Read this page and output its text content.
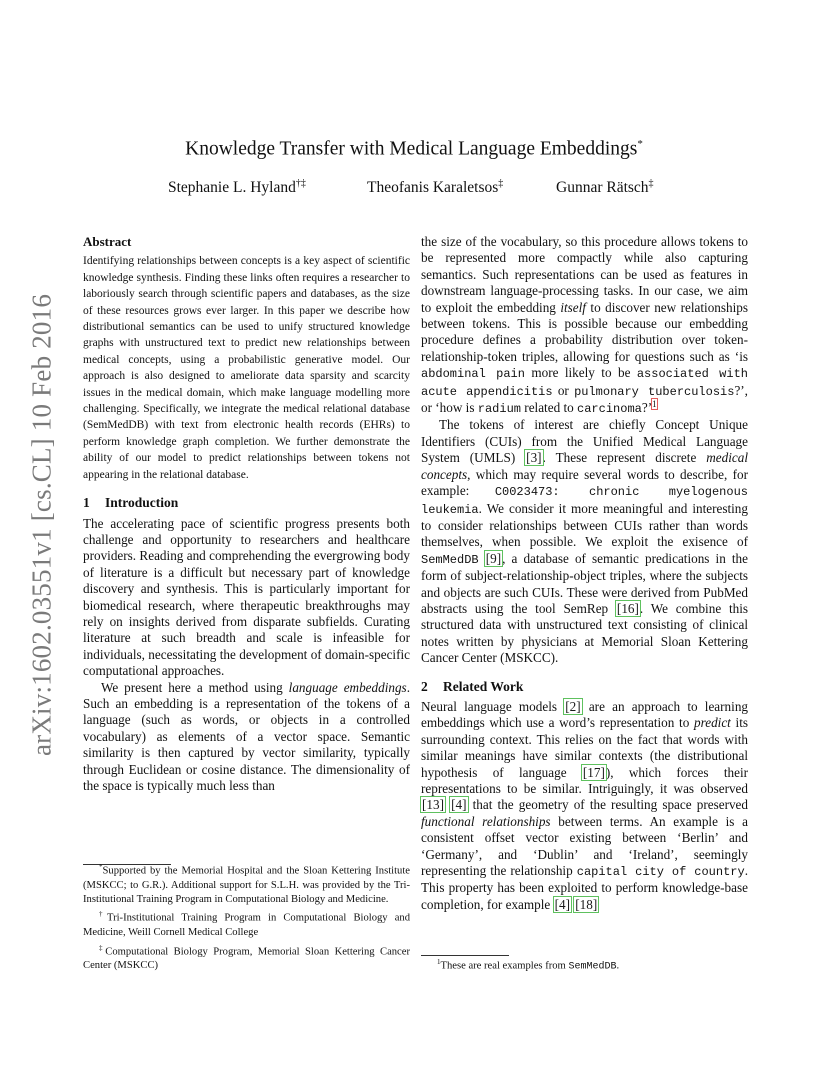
arXiv:1602.03551v1 [cs.CL] 10 Feb 2016
Knowledge Transfer with Medical Language Embeddings*
Stephanie L. Hyland†‡	Theofanis Karaletsos‡	Gunnar Rätsch‡
Abstract

Identifying relationships between concepts is a key aspect of scientific knowledge synthesis. Finding these links often requires a researcher to laboriously search through scientific papers and databases, as the size of these resources grows ever larger. In this paper we describe how distributional semantics can be used to unify structured knowledge graphs with unstructured text to predict new relationships between medical concepts, using a probabilistic generative model. Our approach is also designed to ameliorate data sparsity and scarcity issues in the medical domain, which make language modelling more challenging. Specifically, we integrate the medical relational database (SemMedDB) with text from electronic health records (EHRs) to perform knowledge graph completion. We further demonstrate the ability of our model to predict relationships between tokens not appearing in the relational database.

1 Introduction

The accelerating pace of scientific progress presents both challenge and opportunity to researchers and healthcare providers. Reading and comprehending the evergrowing body of literature is a difficult but necessary part of knowledge discovery and synthesis. This is particularly important for biomedical research, where therapeutic breakthroughs may rely on insights derived from disparate subfields. Curating literature at such breadth and scale is infeasible for individuals, necessitating the development of domain-specific computational approaches.

We present here a method using language embeddings. Such an embedding is a representation of the tokens of a language (such as words, or objects in a controlled vocabulary) as elements of a vector space. Semantic similarity is then captured by vector similarity, typically through Euclidean or cosine distance. The dimensionality of the space is typically much less than

the size of the vocabulary, so this procedure allows tokens to be represented more compactly while also capturing semantics. Such representations can be used as features in downstream language-processing tasks. In our case, we aim to exploit the embedding itself to discover new relationships between tokens. This is possible because our embedding procedure defines a probability distribution over token-relationship-token triples, allowing for questions such as ‘is abdominal pain more likely to be associated with acute appendicitis or pulmonary tuberculosis?’, or ‘how is radium related to carcinoma?’$^1$

The tokens of interest are chiefly Concept Unique Identifiers (CUIs) from the Unified Medical Language System (UMLS) [3]. These represent discrete medical concepts, which may require several words to describe, for example: C0023473: chronic myelogenous leukemia. We consider it more meaningful and interesting to consider relationships between CUIs rather than words themselves, when possible. We exploit the exisence of SemMedDB [9], a database of semantic predications in the form of subject-relationship-object triples, where the subjects and objects are such CUIs. These were derived from PubMed abstracts using the tool SemRep [16]. We combine this structured data with unstructured text consisting of clinical notes written by physicians at Memorial Sloan Kettering Cancer Center (MSKCC).

2 Related Work

Neural language models [2] are an approach to learning embeddings which use a word’s representation to predict its surrounding context. This relies on the fact that words with similar meanings have similar contexts (the distributional hypothesis of language [17]), which forces their representations to be similar. Intriguingly, it was observed [13] [4] that the geometry of the resulting space preserved functional relationships between terms. An example is a consistent offset vector existing between ‘Berlin’ and ‘Germany’, and ‘Dublin’ and ‘Ireland’, seemingly representing the relationship capital city of country. This property has been exploited to perform knowledge-base completion, for example [4] [18]

*Supported by the Memorial Hospital and the Sloan Kettering Institute (MSKCC; to G.R.). Additional support for S.L.H. was provided by the Tri-Institutional Training Program in Computational Biology and Medicine.

†Tri-Institutional Training Program in Computational Biology and Medicine, Weill Cornell Medical College

‡Computational Biology Program, Memorial Sloan Kettering Cancer Center (MSKCC)	$^1$These are real examples from SemMedDB.
